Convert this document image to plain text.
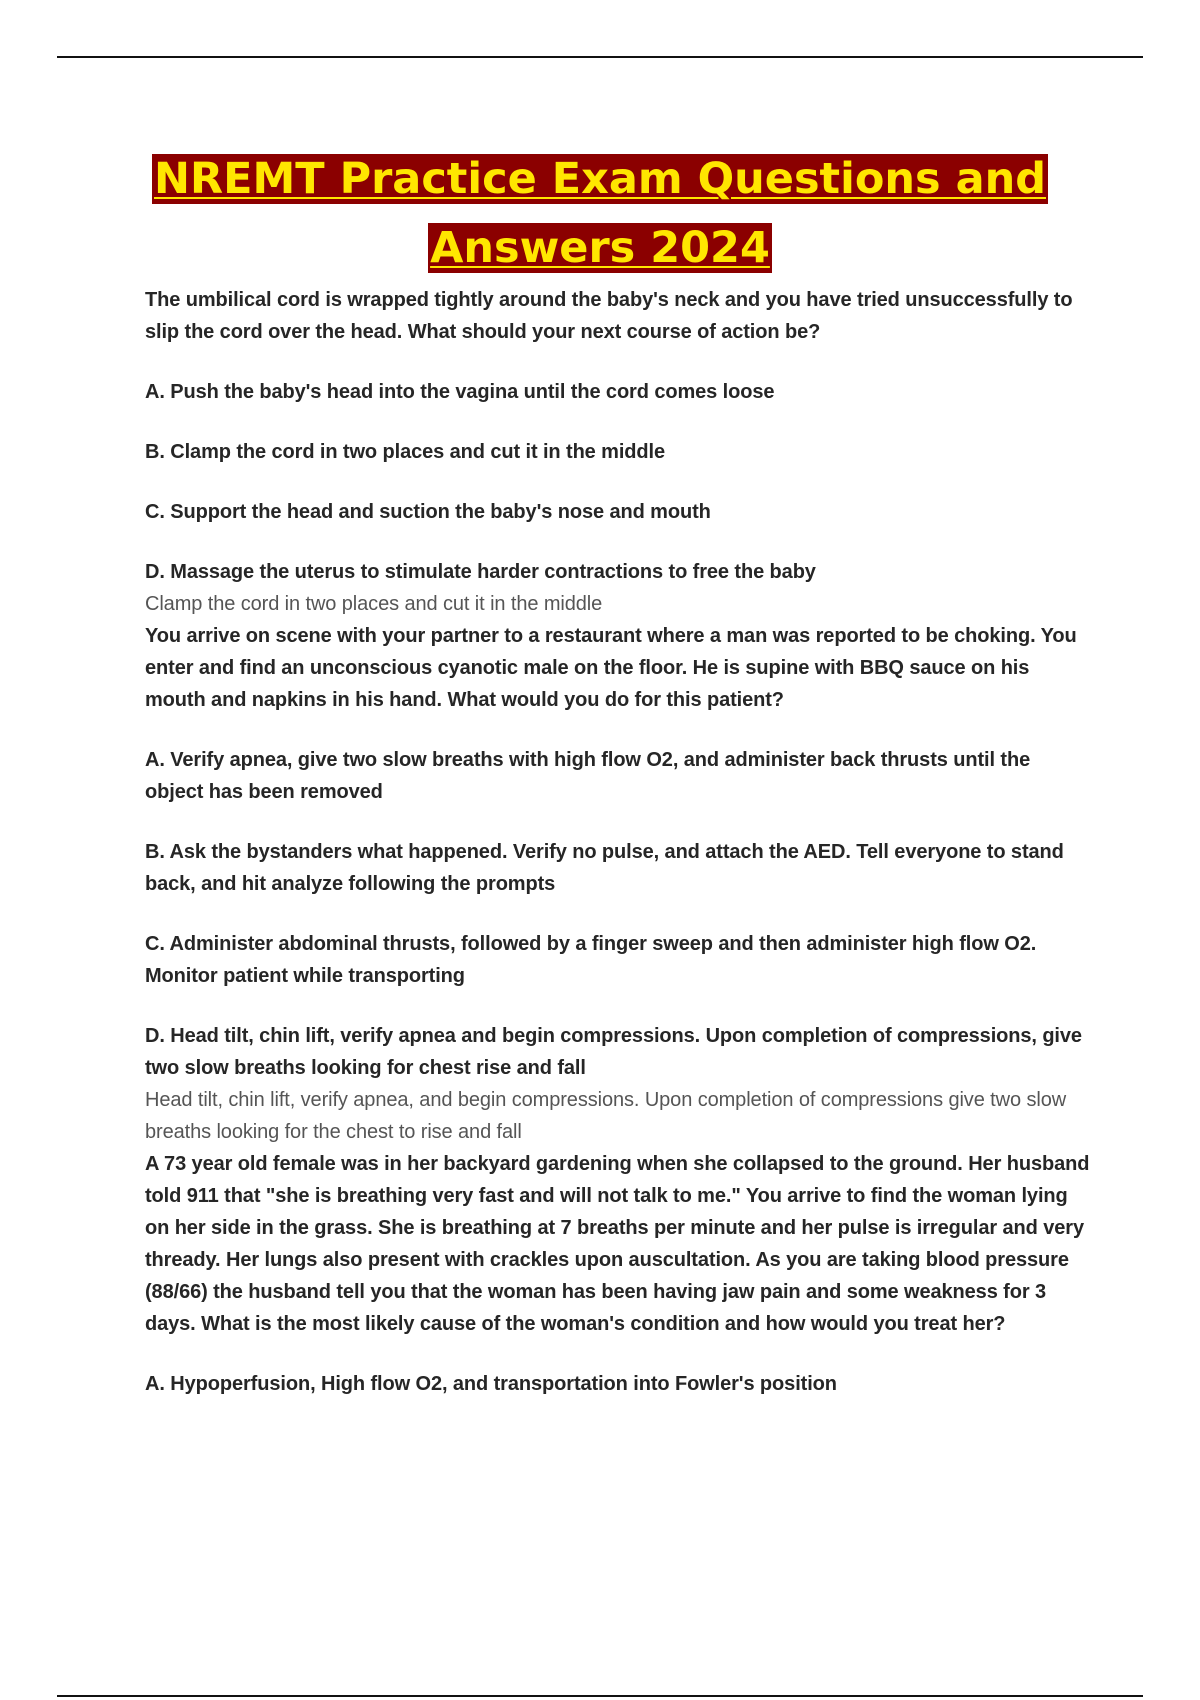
NREMT Practice Exam Questions and
Answers 2024

The umbilical cord is wrapped tightly around the baby's neck and you have tried unsuccessfully to slip the cord over the head. What should your next course of action be?

A. Push the baby's head into the vagina until the cord comes loose

B. Clamp the cord in two places and cut it in the middle

C. Support the head and suction the baby's nose and mouth

D. Massage the uterus to stimulate harder contractions to free the baby

Clamp the cord in two places and cut it in the middle

You arrive on scene with your partner to a restaurant where a man was reported to be choking. You enter and find an unconscious cyanotic male on the floor. He is supine with BBQ sauce on his mouth and napkins in his hand. What would you do for this patient?

A. Verify apnea, give two slow breaths with high flow O2, and administer back thrusts until the object has been removed

B. Ask the bystanders what happened. Verify no pulse, and attach the AED. Tell everyone to stand back, and hit analyze following the prompts

C. Administer abdominal thrusts, followed by a finger sweep and then administer high flow O2. Monitor patient while transporting

D. Head tilt, chin lift, verify apnea and begin compressions. Upon completion of compressions, give two slow breaths looking for chest rise and fall

Head tilt, chin lift, verify apnea, and begin compressions. Upon completion of compressions give two slow breaths looking for the chest to rise and fall

A 73 year old female was in her backyard gardening when she collapsed to the ground. Her husband told 911 that "she is breathing very fast and will not talk to me." You arrive to find the woman lying on her side in the grass. She is breathing at 7 breaths per minute and her pulse is irregular and very thready. Her lungs also present with crackles upon auscultation. As you are taking blood pressure (88/66) the husband tell you that the woman has been having jaw pain and some weakness for 3 days. What is the most likely cause of the woman's condition and how would you treat her?

A. Hypoperfusion, High flow O2, and transportation into Fowler's position
